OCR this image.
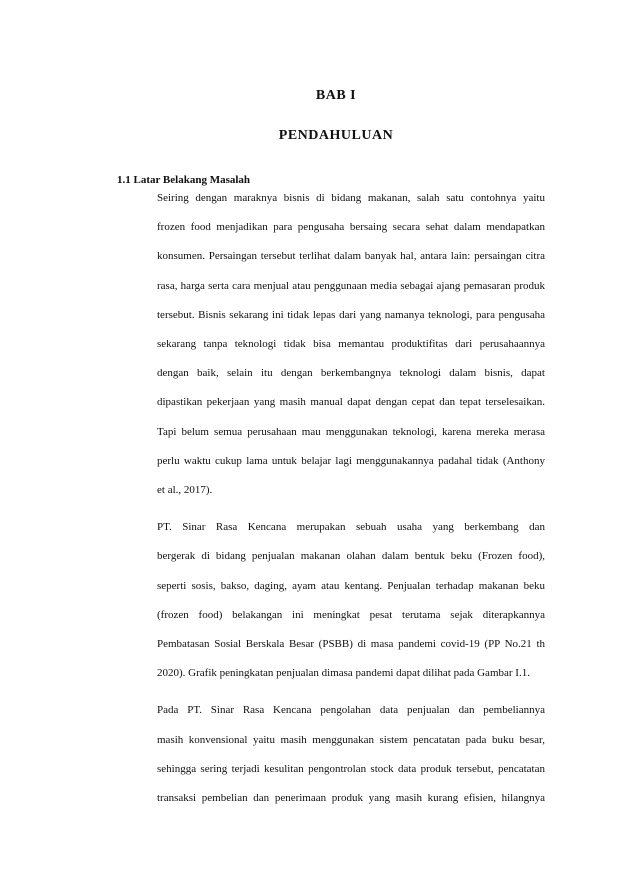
BAB I
PENDAHULUAN
1.1 Latar Belakang Masalah

Seiring dengan maraknya bisnis di bidang makanan, salah satu contohnya yaitu
frozen food menjadikan para pengusaha bersaing secara sehat dalam mendapatkan
konsumen. Persaingan tersebut terlihat dalam banyak hal, antara lain: persaingan citra
rasa, harga serta cara menjual atau penggunaan media sebagai ajang pemasaran produk
tersebut. Bisnis sekarang ini tidak lepas dari yang namanya teknologi, para pengusaha
sekarang tanpa teknologi tidak bisa memantau produktifitas dari perusahaannya
dengan baik, selain itu dengan berkembangnya teknologi dalam bisnis, dapat
dipastikan pekerjaan yang masih manual dapat dengan cepat dan tepat terselesaikan.
Tapi belum semua perusahaan mau menggunakan teknologi, karena mereka merasa
perlu waktu cukup lama untuk belajar lagi menggunakannya padahal tidak (Anthony
et al., 2017).

PT. Sinar Rasa Kencana merupakan sebuah usaha yang berkembang dan
bergerak di bidang penjualan makanan olahan dalam bentuk beku (Frozen food),
seperti sosis, bakso, daging, ayam atau kentang. Penjualan terhadap makanan beku
(frozen food) belakangan ini meningkat pesat terutama sejak diterapkannya
Pembatasan Sosial Berskala Besar (PSBB) di masa pandemi covid-19 (PP No.21 th
2020). Grafik peningkatan penjualan dimasa pandemi dapat dilihat pada Gambar I.1.

Pada PT. Sinar Rasa Kencana pengolahan data penjualan dan pembeliannya
masih konvensional yaitu masih menggunakan sistem pencatatan pada buku besar,
sehingga sering terjadi kesulitan pengontrolan stock data produk tersebut, pencatatan
transaksi pembelian dan penerimaan produk yang masih kurang efisien, hilangnya
